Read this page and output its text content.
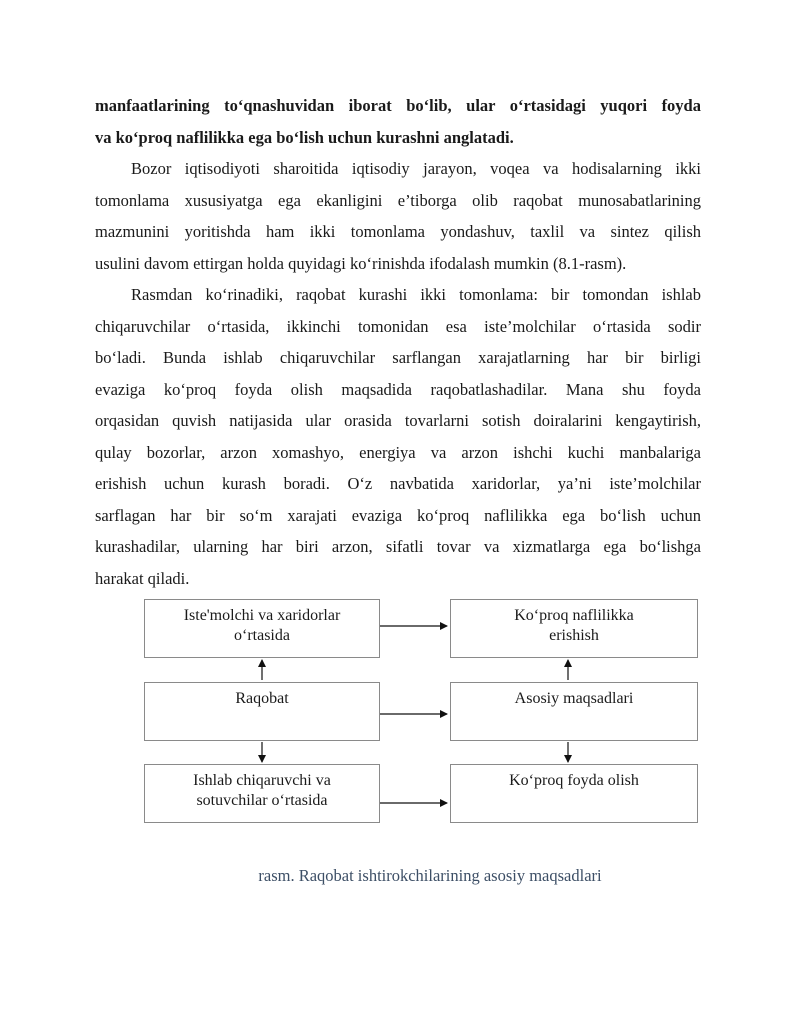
manfaatlarining to‘qnashuvidan iborat bo‘lib, ular o‘rtasidagi yuqori foyda
va ko‘proq naflilikka ega bo‘lish uchun kurashni anglatadi.
Bozor iqtisodiyoti sharoitida iqtisodiy jarayon, voqea va hodisalarning ikki
tomonlama xususiyatga ega ekanligini e’tiborga olib raqobat munosabatlarining
mazmunini yoritishda ham ikki tomonlama yondashuv, taxlil va sintez qilish
usulini davom ettirgan holda quyidagi ko‘rinishda ifodalash mumkin (8.1-rasm).
Rasmdan ko‘rinadiki, raqobat kurashi ikki tomonlama: bir tomondan ishlab
chiqaruvchilar o‘rtasida, ikkinchi tomonidan esa iste’molchilar o‘rtasida sodir
bo‘ladi. Bunda ishlab chiqaruvchilar sarflangan xarajatlarning har bir birligi
evaziga ko‘proq foyda olish maqsadida raqobatlashadilar. Mana shu foyda
orqasidan quvish natijasida ular orasida tovarlarni sotish doiralarini kengaytirish,
qulay bozorlar, arzon xomashyo, energiya va arzon ishchi kuchi manbalariga
erishish uchun kurash boradi. O‘z navbatida xaridorlar, ya’ni iste’molchilar
sarflagan har bir so‘m xarajati evaziga ko‘proq naflilikka ega bo‘lish uchun
kurashadilar, ularning har biri arzon, sifatli tovar va xizmatlarga ega bo‘lishga
harakat qiladi.
Iste'molchi va xaridorlar
o‘rtasida
Raqobat
Ishlab chiqaruvchi va
sotuvchilar o‘rtasida
Ko‘proq naflilikka
erishish
Asosiy maqsadlari
Ko‘proq foyda olish
rasm. Raqobat ishtirokchilarining asosiy maqsadlari
